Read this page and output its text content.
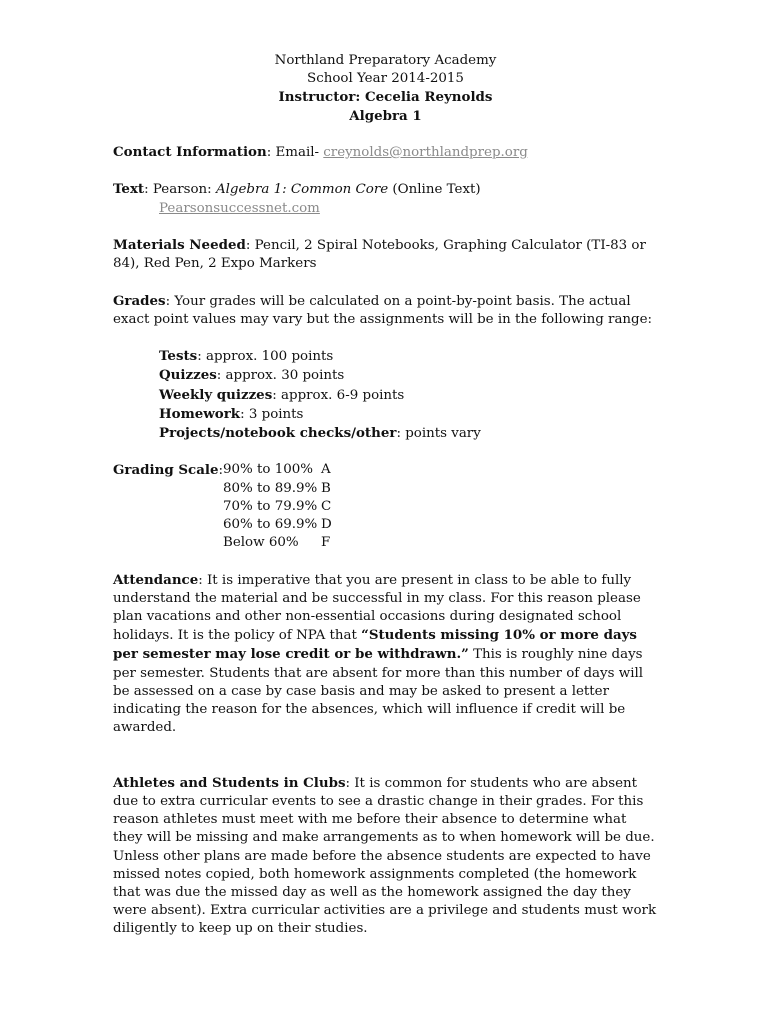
Northland Preparatory Academy
School Year 2014-2015
Instructor: Cecelia Reynolds
Algebra 1
Contact Information: Email- creynolds@northlandprep.org
Text: Pearson: Algebra 1: Common Core (Online Text)
Pearsonsuccessnet.com
Materials Needed: Pencil, 2 Spiral Notebooks, Graphing Calculator (TI-83 or 84), Red Pen, 2 Expo Markers
Grades: Your grades will be calculated on a point-by-point basis. The actual exact point values may vary but the assignments will be in the following range:
Tests: approx. 100 points
Quizzes: approx. 30 points
Weekly quizzes: approx. 6-9 points
Homework: 3 points
Projects/notebook checks/other: points vary
Grading Scale: 90% to 100% A
80% to 89.9% B
70% to 79.9% C
60% to 69.9% D
Below 60%	F
Attendance: It is imperative that you are present in class to be able to fully understand the material and be successful in my class. For this reason please plan vacations and other non-essential occasions during designated school holidays. It is the policy of NPA that “Students missing 10% or more days per semester may lose credit or be withdrawn.” This is roughly nine days per semester. Students that are absent for more than this number of days will be assessed on a case by case basis and may be asked to present a letter indicating the reason for the absences, which will influence if credit will be awarded.
Athletes and Students in Clubs: It is common for students who are absent due to extra curricular events to see a drastic change in their grades. For this reason athletes must meet with me before their absence to determine what they will be missing and make arrangements as to when homework will be due. Unless other plans are made before the absence students are expected to have missed notes copied, both homework assignments completed (the homework that was due the missed day as well as the homework assigned the day they were absent). Extra curricular activities are a privilege and students must work diligently to keep up on their studies.
